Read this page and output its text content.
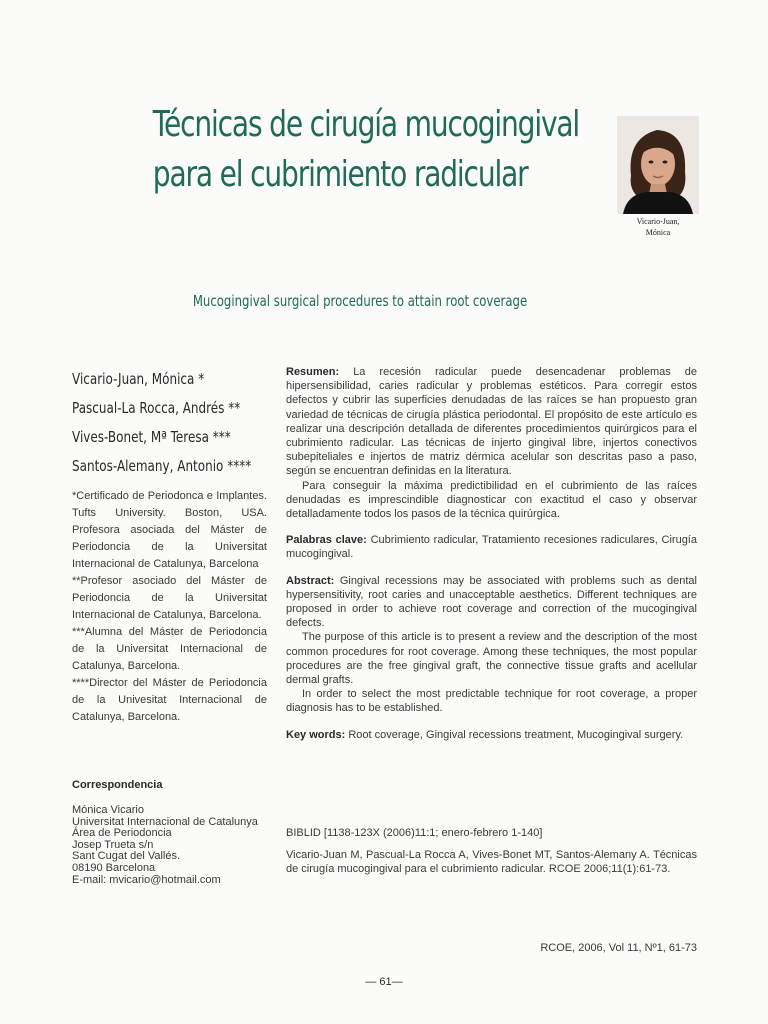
Técnicas de cirugía mucogingival
para el cubrimiento radicular
Vicario-Juan,
Mónica
Mucogingival surgical procedures to attain root coverage
Vicario-Juan, Mónica *
Pascual-La Rocca, Andrés **
Vives-Bonet, Mª Teresa ***
Santos-Alemany, Antonio ****

*Certificado de Periodonca e Implantes. Tufts University. Boston, USA. Profesora asociada del Máster de Periodoncia de la Universitat Internacional de Catalunya, Barcelona

**Profesor asociado del Máster de Periodoncia de la Universitat Internacional de Catalunya, Barcelona.

***Alumna del Máster de Periodoncia de la Universitat Internacional de Catalunya, Barcelona.

****Director del Máster de Periodoncia de la Univesitat Internacional de Catalunya, Barcelona.

Correspondencia
Mónica Vicario
Universitat Internacional de Catalunya
Área de Periodoncia
Josep Trueta s/n
Sant Cugat del Vallés.
08190 Barcelona
E-mail: mvicario@hotmail.com

Resumen: La recesión radicular puede desencadenar problemas de hipersensibilidad, caries radicular y problemas estéticos. Para corregir estos defectos y cubrir las superficies denudadas de las raíces se han propuesto gran variedad de técnicas de cirugía plástica periodontal. El propósito de este artículo es realizar una descripción detallada de diferentes procedimientos quirúrgicos para el cubrimiento radicular. Las técnicas de injerto gingival libre, injertos conectivos subepiteliales e injertos de matriz dérmica acelular son descritas paso a paso, según se encuentran definidas en la literatura.

Para conseguir la máxima predictibilidad en el cubrimiento de las raíces denudadas es imprescindible diagnosticar con exactitud el caso y observar detalladamente todos los pasos de la técnica quirúrgica.

Palabras clave: Cubrimiento radicular, Tratamiento recesiones radiculares, Cirugía mucogingival.

Abstract: Gingival recessions may be associated with problems such as dental hypersensitivity, root caries and unacceptable aesthetics. Different techniques are proposed in order to achieve root coverage and correction of the mucogingival defects.

The purpose of this article is to present a review and the description of the most common procedures for root coverage. Among these techniques, the most popular procedures are the free gingival graft, the connective tissue grafts and acellular dermal grafts.

In order to select the most predictable technique for root coverage, a proper diagnosis has to be established.

Key words: Root coverage, Gingival recessions treatment, Mucogingival surgery.

BIBLID [1138-123X (2006)11:1; enero-febrero 1-140]
Vicario-Juan M, Pascual-La Rocca A, Vives-Bonet MT, Santos-Alemany A. Técnicas de cirugía mucogingival para el cubrimiento radicular. RCOE 2006;11(1):61-73.
RCOE, 2006, Vol 11, Nº1, 61-73
— 61—
